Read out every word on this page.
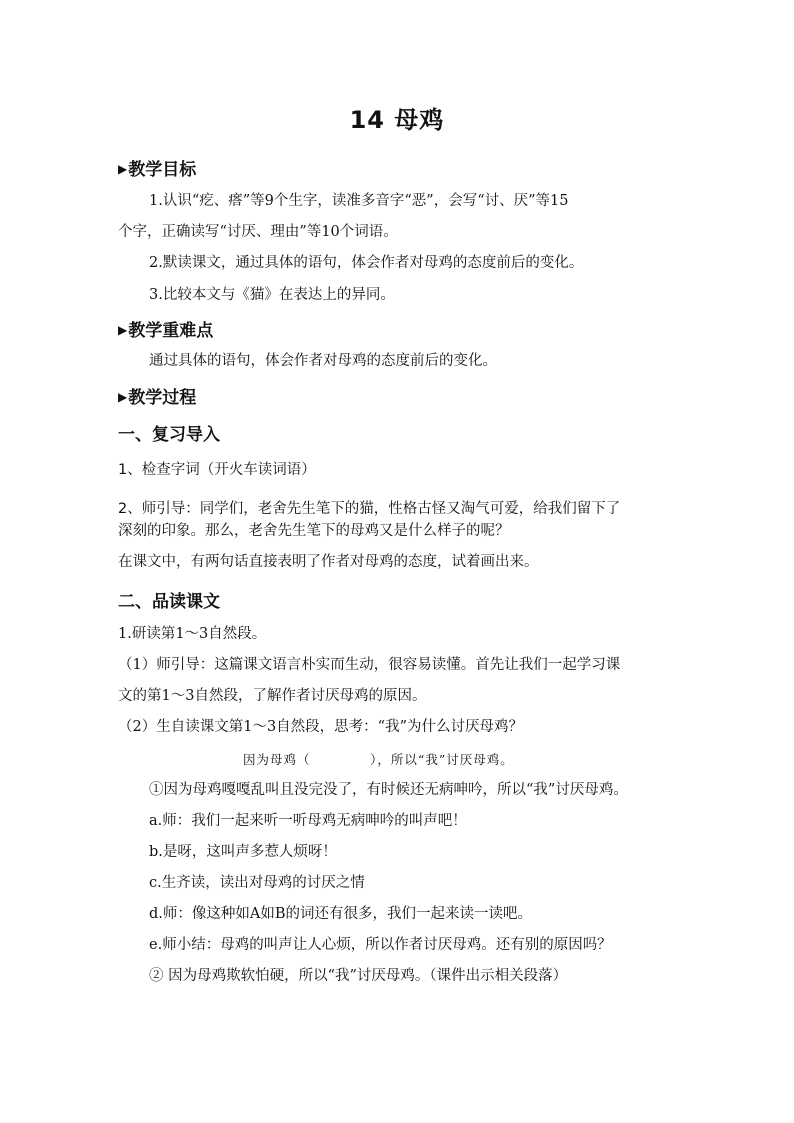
14 母鸡
▶教学目标
1.认识“疙、瘩”等9个生字，读准多音字“恶”，会写“讨、厌”等15
个字，正确读写“讨厌、理由”等10个词语。
2.默读课文，通过具体的语句，体会作者对母鸡的态度前后的变化。
3.比较本文与《猫》在表达上的异同。
▶教学重难点
通过具体的语句，体会作者对母鸡的态度前后的变化。
▶教学过程
一、复习导入
1、检查字词（开火车读词语）
2、师引导：同学们，老舍先生笔下的猫，性格古怪又淘气可爱，给我们留下了
深刻的印象。那么，老舍先生笔下的母鸡又是什么样子的呢？
在课文中，有两句话直接表明了作者对母鸡的态度，试着画出来。
二、品读课文
1.研读第1～3自然段。
（1）师引导：这篇课文语言朴实而生动，很容易读懂。首先让我们一起学习课
文的第1～3自然段，了解作者讨厌母鸡的原因。
（2）生自读课文第1～3自然段，思考：“我”为什么讨厌母鸡？
因为母鸡（            ），所以“我”讨厌母鸡。
①因为母鸡嘎嘎乱叫且没完没了，有时候还无病呻吟，所以“我”讨厌母鸡。
a.师：我们一起来听一听母鸡无病呻吟的叫声吧！
b.是呀，这叫声多惹人烦呀！
c.生齐读，读出对母鸡的讨厌之情
d.师：像这种如A如B的词还有很多，我们一起来读一读吧。
e.师小结：母鸡的叫声让人心烦，所以作者讨厌母鸡。还有别的原因吗？
② 因为母鸡欺软怕硬，所以“我”讨厌母鸡。（课件出示相关段落）
